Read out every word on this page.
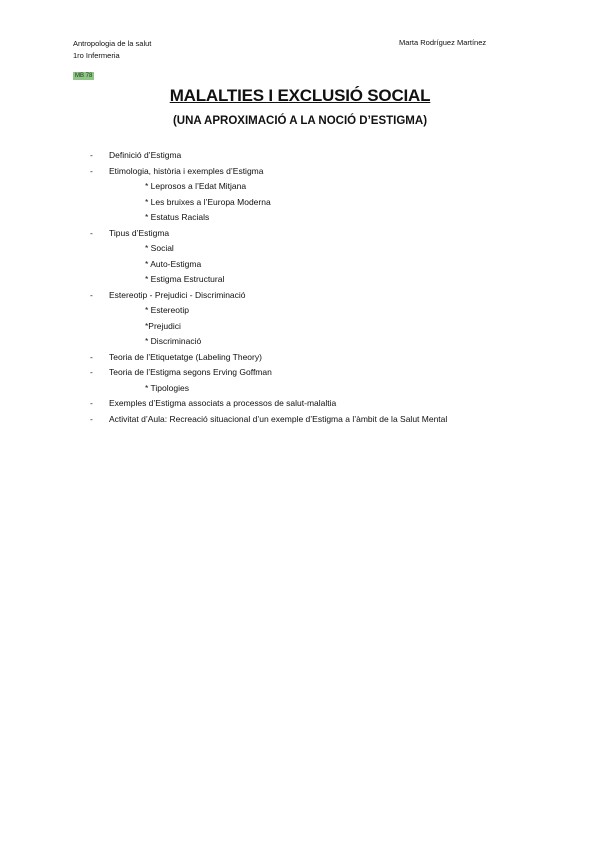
Antropologia de la salut
1ro Infermeria
Marta Rodríguez Martínez
MB 78
MALALTIES I EXCLUSIÓ SOCIAL
(UNA APROXIMACIÓ A LA NOCIÓ D’ESTIGMA)
- Definició d’Estigma
- Etimologia, història i exemples d’Estigma
* Leprosos a l’Edat Mitjana
* Les bruixes a l’Europa Moderna
* Estatus Racials
- Tipus d’Estigma
* Social
* Auto-Estigma
* Estigma Estructural
- Estereotip - Prejudici - Discriminació
* Estereotip
*Prejudici
* Discriminació
- Teoria de l’Etiquetatge (Labeling Theory)
- Teoria de l’Estigma segons Erving Goffman
* Tipologies
- Exemples d’Estigma associats a processos de salut-malaltia
- Activitat d’Aula: Recreació situacional d’un exemple d’Estigma a l’àmbit de la Salut Mental
